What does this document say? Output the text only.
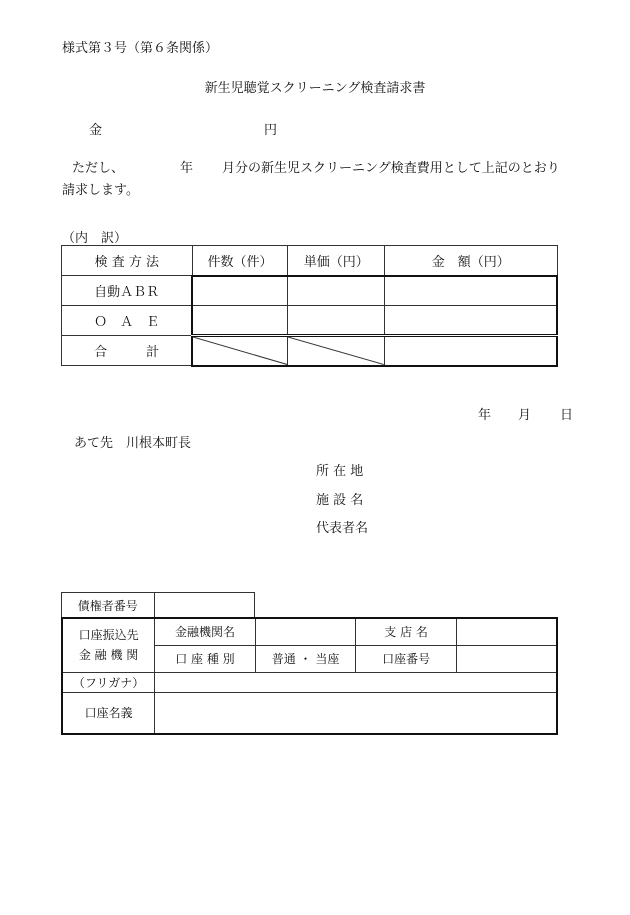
様式第３号（第６条関係）
新生児聴覚スクリーニング検査請求書
金	円
ただし、	年 月分の新生児スクリーニング検査費用として上記のとおり
請求します。
（内　訳）
検 査 方 法	件数（件）	単価（円）	金　額（円）
自動ＡＢＲ			
Ｏ　Ａ　Ｅ			
合　　　計	

年 月 日
あて先　川根本町長
所 在 地
施 設 名
代表者名
債権者番号	
口座振込先
金 融 機 関	金融機関名		支 店 名	
	口 座 種 別	普通 ・ 当座	口座番号	
（フリガナ）				
口座名義				
